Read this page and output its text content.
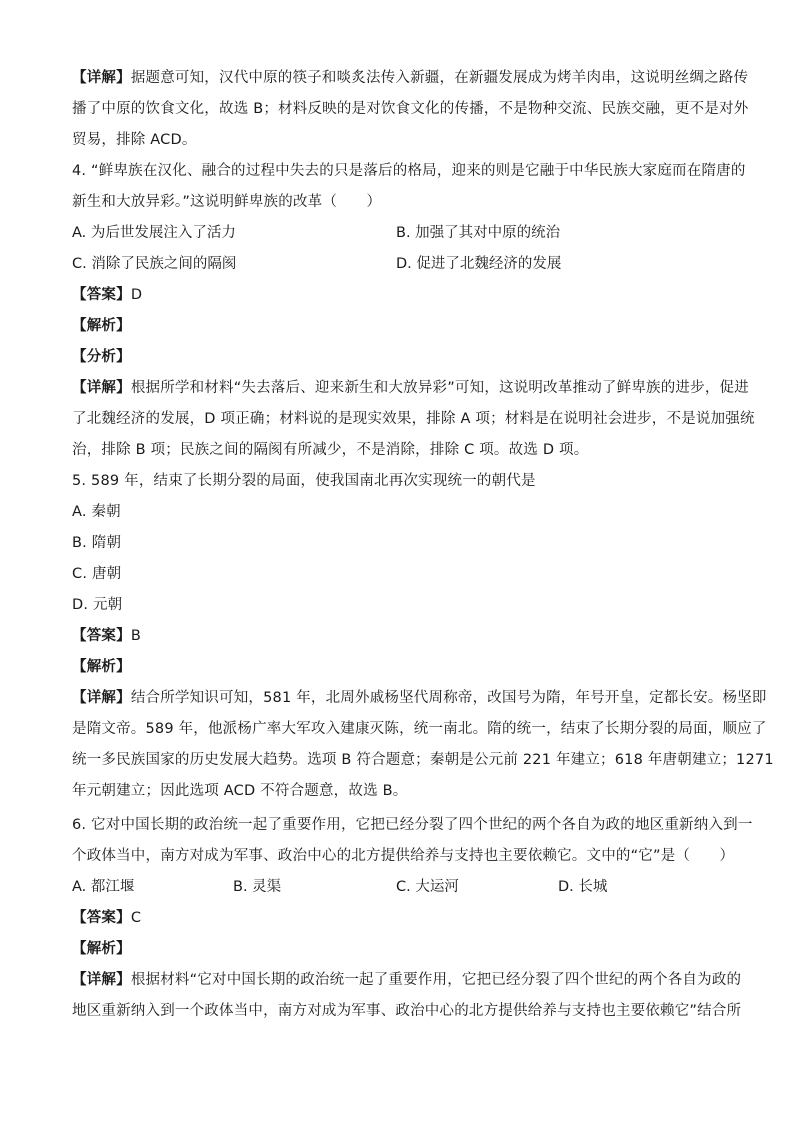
【详解】据题意可知，汉代中原的筷子和啖炙法传入新疆，在新疆发展成为烤羊肉串，这说明丝绸之路传
播了中原的饮食文化，故选 B；材料反映的是对饮食文化的传播，不是物种交流、民族交融，更不是对外
贸易，排除 ACD。
4. “鲜卑族在汉化、融合的过程中失去的只是落后的格局，迎来的则是它融于中华民族大家庭而在隋唐的
新生和大放异彩。”这说明鲜卑族的改革（　　）
A. 为后世发展注入了活力	B. 加强了其对中原的统治
C. 消除了民族之间的隔阂	D. 促进了北魏经济的发展
【答案】D
【解析】
【分析】
【详解】根据所学和材料“失去落后、迎来新生和大放异彩”可知，这说明改革推动了鲜卑族的进步，促进
了北魏经济的发展，D 项正确；材料说的是现实效果，排除 A 项；材料是在说明社会进步，不是说加强统
治，排除 B 项；民族之间的隔阂有所减少，不是消除，排除 C 项。故选 D 项。
5. 589 年，结束了长期分裂的局面，使我国南北再次实现统一的朝代是
A. 秦朝
B. 隋朝
C. 唐朝
D. 元朝
【答案】B
【解析】
【详解】结合所学知识可知，581 年，北周外戚杨坚代周称帝，改国号为隋，年号开皇，定都长安。杨坚即
是隋文帝。589 年，他派杨广率大军攻入建康灭陈，统一南北。隋的统一，结束了长期分裂的局面，顺应了
统一多民族国家的历史发展大趋势。选项 B 符合题意；秦朝是公元前 221 年建立；618 年唐朝建立；1271
年元朝建立；因此选项 ACD 不符合题意，故选 B。
6. 它对中国长期的政治统一起了重要作用，它把已经分裂了四个世纪的两个各自为政的地区重新纳入到一
个政体当中，南方对成为军事、政治中心的北方提供给养与支持也主要依赖它。文中的“它”是（　　）
A. 都江堰	B. 灵渠	C. 大运河	D. 长城
【答案】C
【解析】
【详解】根据材料“它对中国长期的政治统一起了重要作用，它把已经分裂了四个世纪的两个各自为政的
地区重新纳入到一个政体当中，南方对成为军事、政治中心的北方提供给养与支持也主要依赖它”结合所
